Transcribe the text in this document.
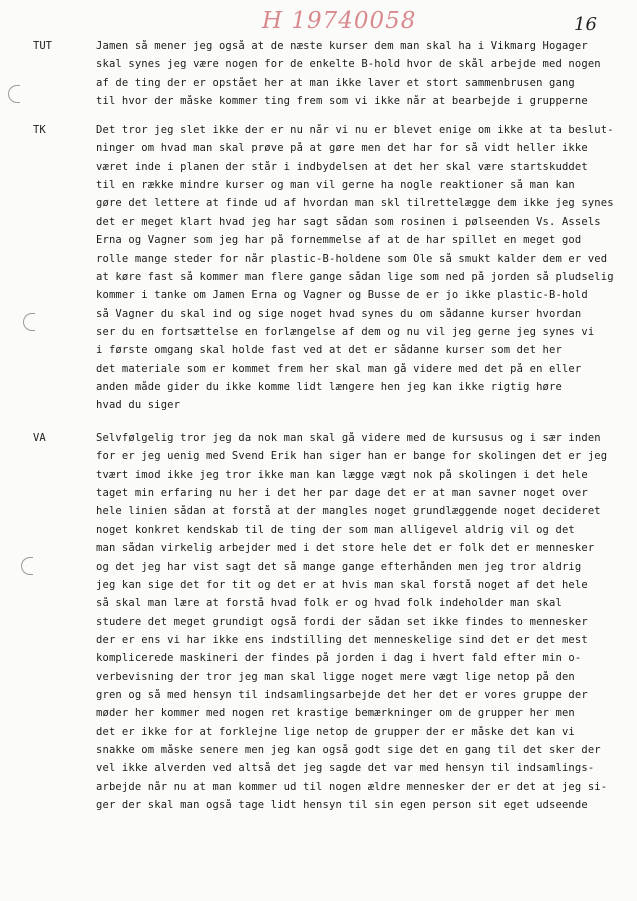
H 19740058	16
TUT	Jamen så mener jeg også at de næste kurser dem man skal ha i Vikmarg Hogager
skal synes jeg være nogen for de enkelte B-hold hvor de skål arbejde med nogen
af de ting der er opstået her at man ikke laver et stort sammenbrusen gang
til hvor der måske kommer ting frem som vi ikke når at bearbejde i grupperne
TK	Det tror jeg slet ikke der er nu når vi nu er blevet enige om ikke at ta beslut-
ninger om hvad man skal prøve på at gøre men det har for så vidt heller ikke
været inde i planen der står i indbydelsen at det her skal være startskuddet
til en række mindre kurser og man vil gerne ha nogle reaktioner så man kan
gøre det lettere at finde ud af hvordan man skl tilrettelægge dem ikke jeg synes
det er meget klart hvad jeg har sagt sådan som rosinen i pølseenden Vs. Assels
Erna og Vagner som jeg har på fornemmelse af at de har spillet en meget god
rolle mange steder for når plastic-B-holdene som Ole så smukt kalder dem er ved
at køre fast så kommer man flere gange sådan lige som ned på jorden så pludselig
kommer i tanke om Jamen Erna og Vagner og Busse de er jo ikke plastic-B-hold
så Vagner du skal ind og sige noget hvad synes du om sådanne kurser hvordan
ser du en fortsættelse en forlængelse af dem og nu vil jeg gerne jeg synes vi
i første omgang skal holde fast ved at det er sådanne kurser som det her
det materiale som er kommet frem her skal man gå videre med det på en eller
anden måde gider du ikke komme lidt længere hen jeg kan ikke rigtig høre
hvad du siger
VA	Selvfølgelig tror jeg da nok man skal gå videre med de kursusus og i sær inden
for er jeg uenig med Svend Erik han siger han er bange for skolingen det er jeg
tvært imod ikke jeg tror ikke man kan lægge vægt nok på skolingen i det hele
taget min erfaring nu her i det her par dage det er at man savner noget over
hele linien sådan at forstå at der mangles noget grundlæggende noget decideret
noget konkret kendskab til de ting der som man alligevel aldrig vil og det
man sådan virkelig arbejder med i det store hele det er folk det er mennesker
og det jeg har vist sagt det så mange gange efterhånden men jeg tror aldrig
jeg kan sige det for tit og det er at hvis man skal forstå noget af det hele
så skal man lære at forstå hvad folk er og hvad folk indeholder man skal
studere det meget grundigt også fordi der sådan set ikke findes to mennesker
der er ens vi har ikke ens indstilling det menneskelige sind det er det mest
komplicerede maskineri der findes på jorden i dag i hvert fald efter min o-
verbevisning der tror jeg man skal ligge noget mere vægt lige netop på den
gren og så med hensyn til indsamlingsarbejde det her det er vores gruppe der
møder her kommer med nogen ret krastige bemærkninger om de grupper her men
det er ikke for at forklejne lige netop de grupper der er måske det kan vi
snakke om måske senere men jeg kan også godt sige det en gang til det sker der
vel ikke alverden ved altså det jeg sagde det var med hensyn til indsamlings-
arbejde når nu at man kommer ud til nogen ældre mennesker der er det at jeg si-
ger der skal man også tage lidt hensyn til sin egen person sit eget udseende
